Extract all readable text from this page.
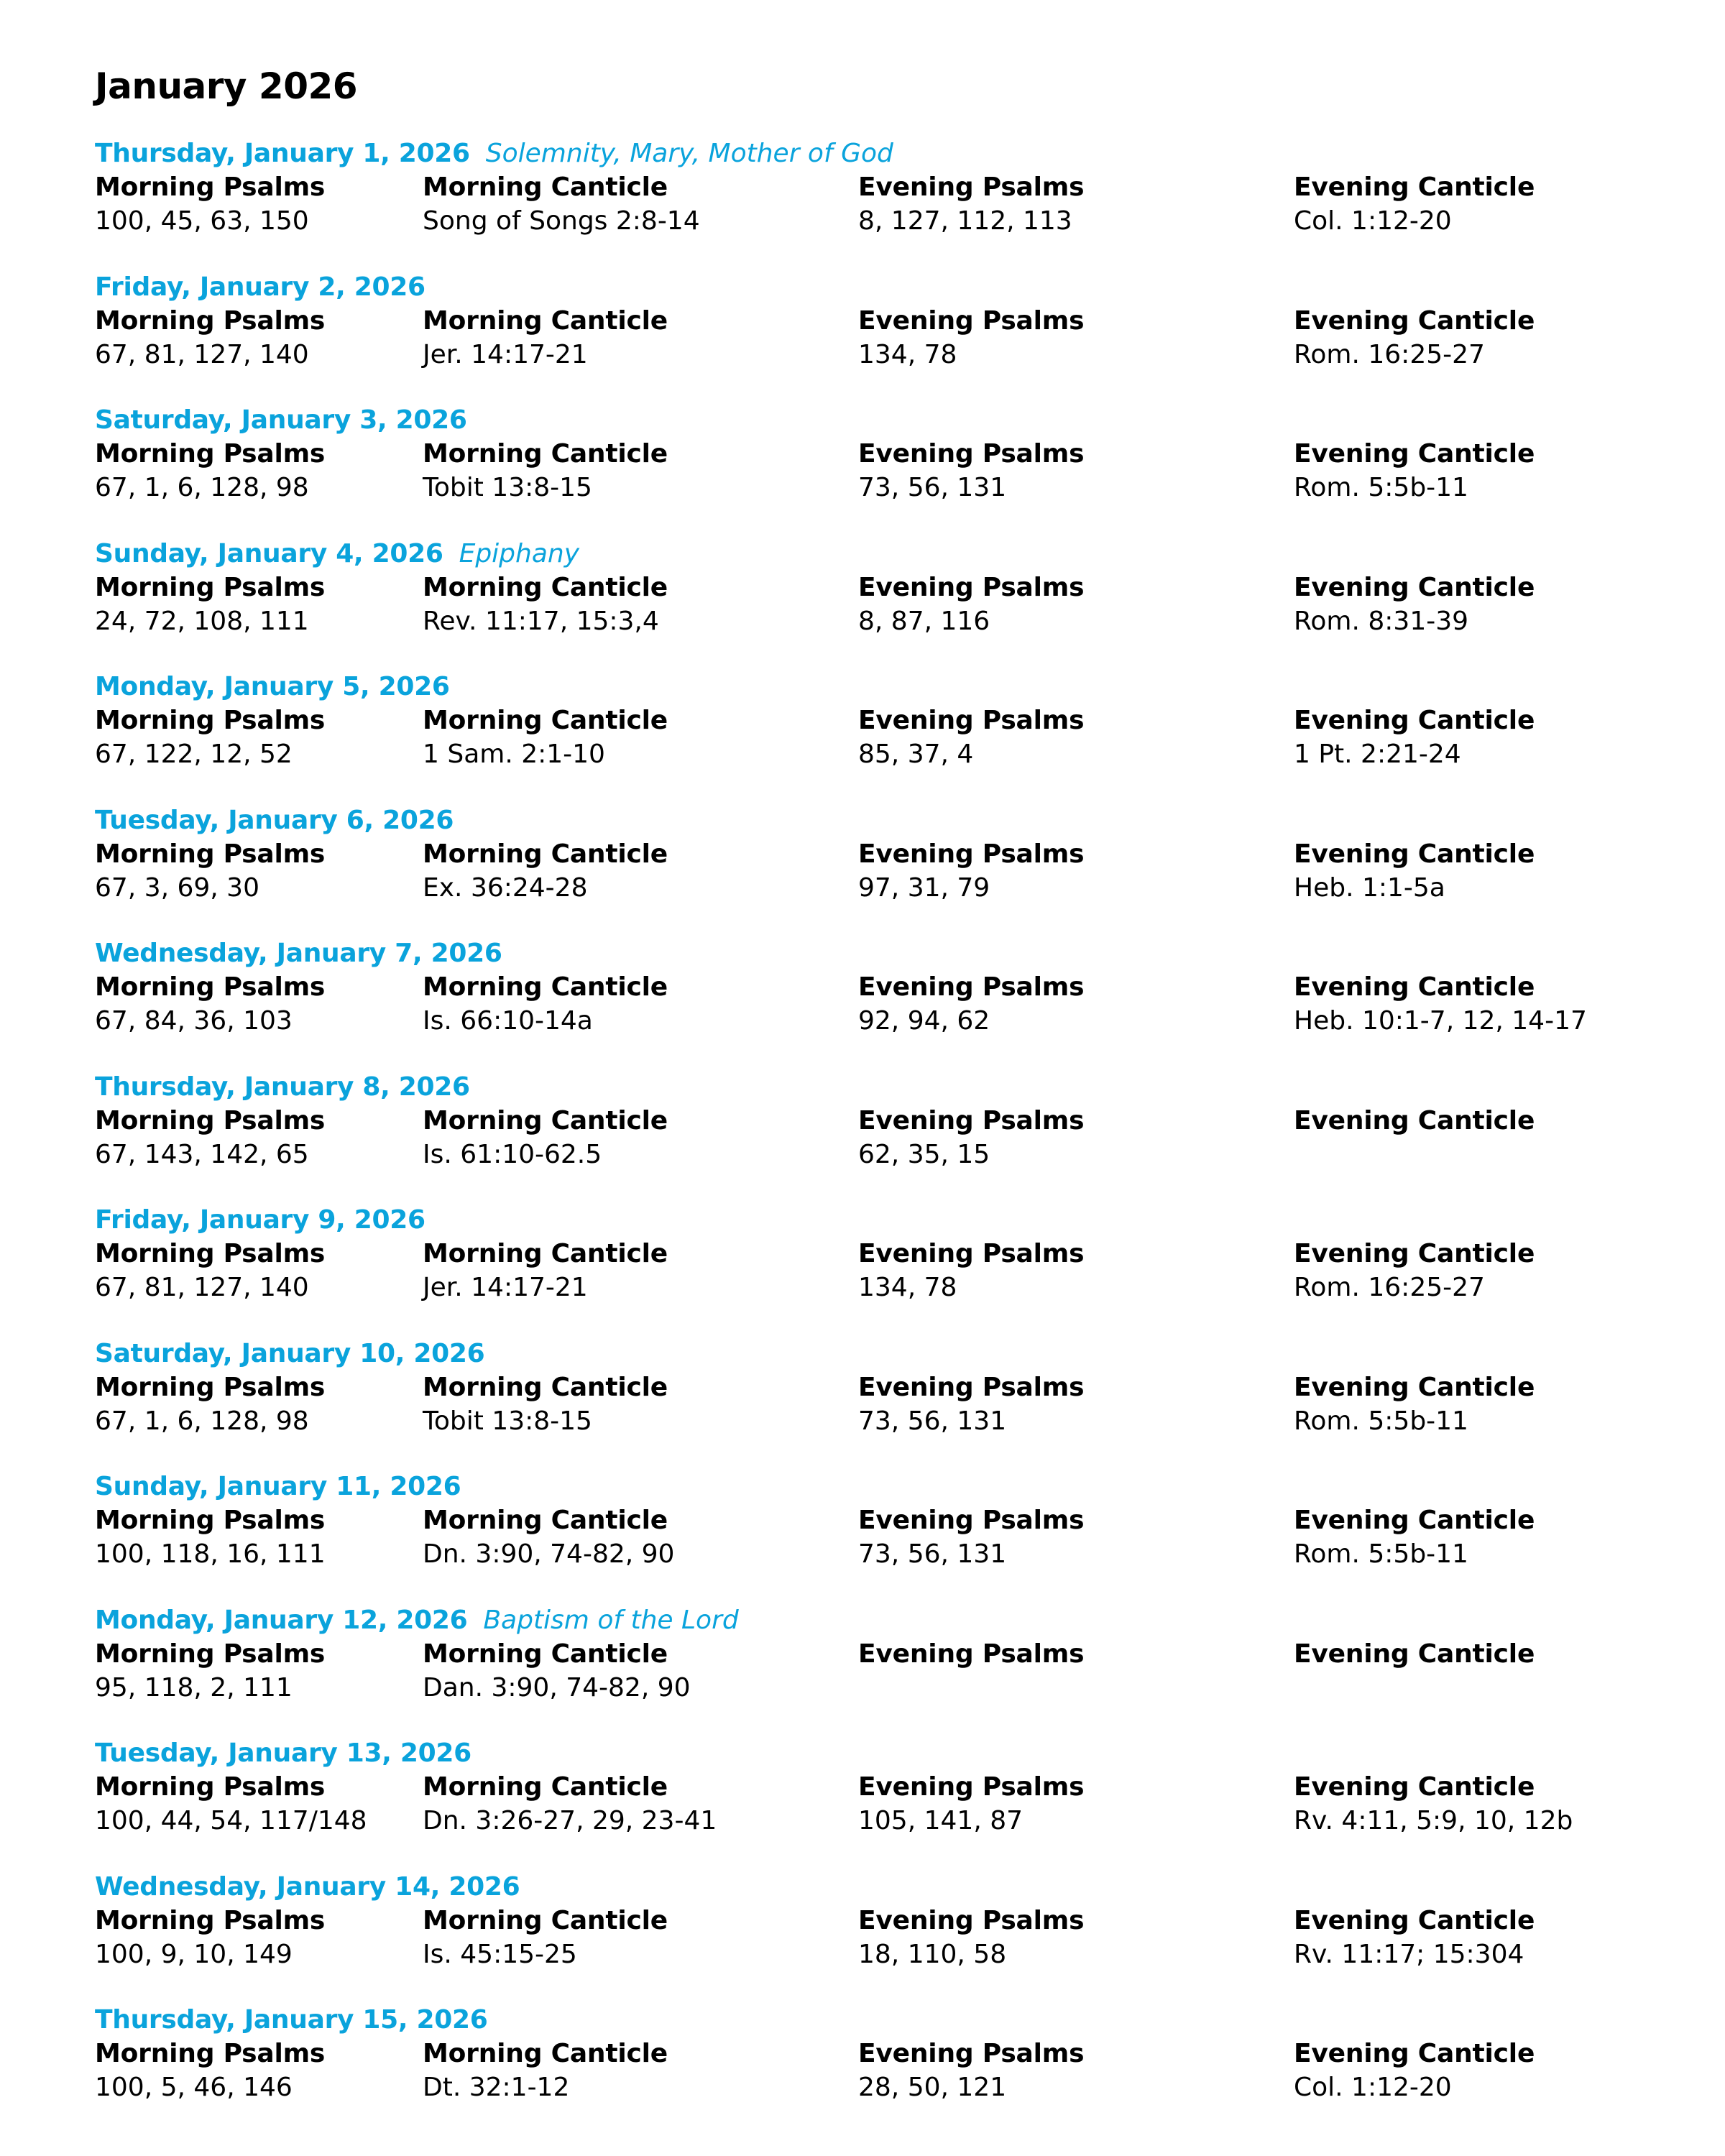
January 2026
Thursday, January 1, 2026 Solemnity, Mary, Mother of God
Morning Psalms
100, 45, 63, 150
Morning Canticle
Song of Songs 2:8-14
Evening Psalms
8, 127, 112, 113
Evening Canticle
Col. 1:12-20
Friday, January 2, 2026
Morning Psalms
67, 81, 127, 140
Morning Canticle
Jer. 14:17-21
Evening Psalms
134, 78
Evening Canticle
Rom. 16:25-27
Saturday, January 3, 2026
Morning Psalms
67, 1, 6, 128, 98
Morning Canticle
Tobit 13:8-15
Evening Psalms
73, 56, 131
Evening Canticle
Rom. 5:5b-11
Sunday, January 4, 2026 Epiphany
Morning Psalms
24, 72, 108, 111
Morning Canticle
Rev. 11:17, 15:3,4
Evening Psalms
8, 87, 116
Evening Canticle
Rom. 8:31-39
Monday, January 5, 2026
Morning Psalms
67, 122, 12, 52
Morning Canticle
1 Sam. 2:1-10
Evening Psalms
85, 37, 4
Evening Canticle
1 Pt. 2:21-24
Tuesday, January 6, 2026
Morning Psalms
67, 3, 69, 30
Morning Canticle
Ex. 36:24-28
Evening Psalms
97, 31, 79
Evening Canticle
Heb. 1:1-5a
Wednesday, January 7, 2026
Morning Psalms
67, 84, 36, 103
Morning Canticle
Is. 66:10-14a
Evening Psalms
92, 94, 62
Evening Canticle
Heb. 10:1-7, 12, 14-17
Thursday, January 8, 2026
Morning Psalms
67, 143, 142, 65
Morning Canticle
Is. 61:10-62.5
Evening Psalms
62, 35, 15
Evening Canticle
Friday, January 9, 2026
Morning Psalms
67, 81, 127, 140
Morning Canticle
Jer. 14:17-21
Evening Psalms
134, 78
Evening Canticle
Rom. 16:25-27
Saturday, January 10, 2026
Morning Psalms
67, 1, 6, 128, 98
Morning Canticle
Tobit 13:8-15
Evening Psalms
73, 56, 131
Evening Canticle
Rom. 5:5b-11
Sunday, January 11, 2026
Morning Psalms
100, 118, 16, 111
Morning Canticle
Dn. 3:90, 74-82, 90
Evening Psalms
73, 56, 131
Evening Canticle
Rom. 5:5b-11
Monday, January 12, 2026 Baptism of the Lord
Morning Psalms
95, 118, 2, 111
Morning Canticle
Dan. 3:90, 74-82, 90
Evening Psalms	Evening Canticle
Tuesday, January 13, 2026
Morning Psalms
100, 44, 54, 117/148
Morning Canticle
Dn. 3:26-27, 29, 23-41
Evening Psalms
105, 141, 87
Evening Canticle
Rv. 4:11, 5:9, 10, 12b
Wednesday, January 14, 2026
Morning Psalms
100, 9, 10, 149
Morning Canticle
Is. 45:15-25
Evening Psalms
18, 110, 58
Evening Canticle
Rv. 11:17; 15:304
Thursday, January 15, 2026
Morning Psalms
100, 5, 46, 146
Morning Canticle
Dt. 32:1-12
Evening Psalms
28, 50, 121
Evening Canticle
Col. 1:12-20
